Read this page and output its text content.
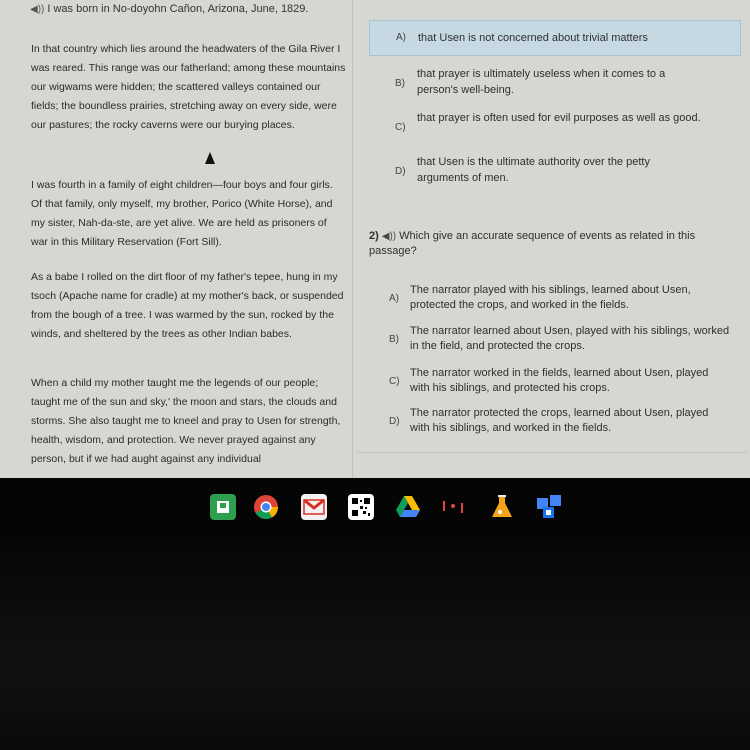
◀)) I was born in No-doyohn Cañon, Arizona, June, 1829.

In that country which lies around the headwaters of the Gila River I was reared. This range was our fatherland; among these mountains our wigwams were hidden; the scattered valleys contained our fields; the boundless prairies, stretching away on every side, were our pastures; the rocky caverns were our burying places.

I was fourth in a family of eight children—four boys and four girls. Of that family, only myself, my brother, Porico (White Horse), and my sister, Nah-da-ste, are yet alive. We are held as prisoners of war in this Military Reservation (Fort Sill).

As a babe I rolled on the dirt floor of my father's tepee, hung in my tsoch (Apache name for cradle) at my mother's back, or suspended from the bough of a tree. I was warmed by the sun, rocked by the winds, and sheltered by the trees as other Indian babes.

When a child my mother taught me the legends of our people; taught me of the sun and sky,' the moon and stars, the clouds and storms. She also taught me to kneel and pray to Usen for strength, health, wisdom, and protection. We never prayed against any person, but if we had aught against any individual

A) that Usen is not concerned about trivial matters
B)
that prayer is ultimately useless when it comes to a person's well-being.
C)
that prayer is often used for evil purposes as well as good.
D)
that Usen is the ultimate authority over the petty arguments of men.
2) ◀)) Which give an accurate sequence of events as related in this passage?
A)
The narrator played with his siblings, learned about Usen, protected the crops, and worked in the fields.
B)
The narrator learned about Usen, played with his siblings, worked in the field, and protected the crops.
C)
The narrator worked in the fields, learned about Usen, played with his siblings, and protected his crops.
D)
The narrator protected the crops, learned about Usen, played with his siblings, and worked in the fields.
